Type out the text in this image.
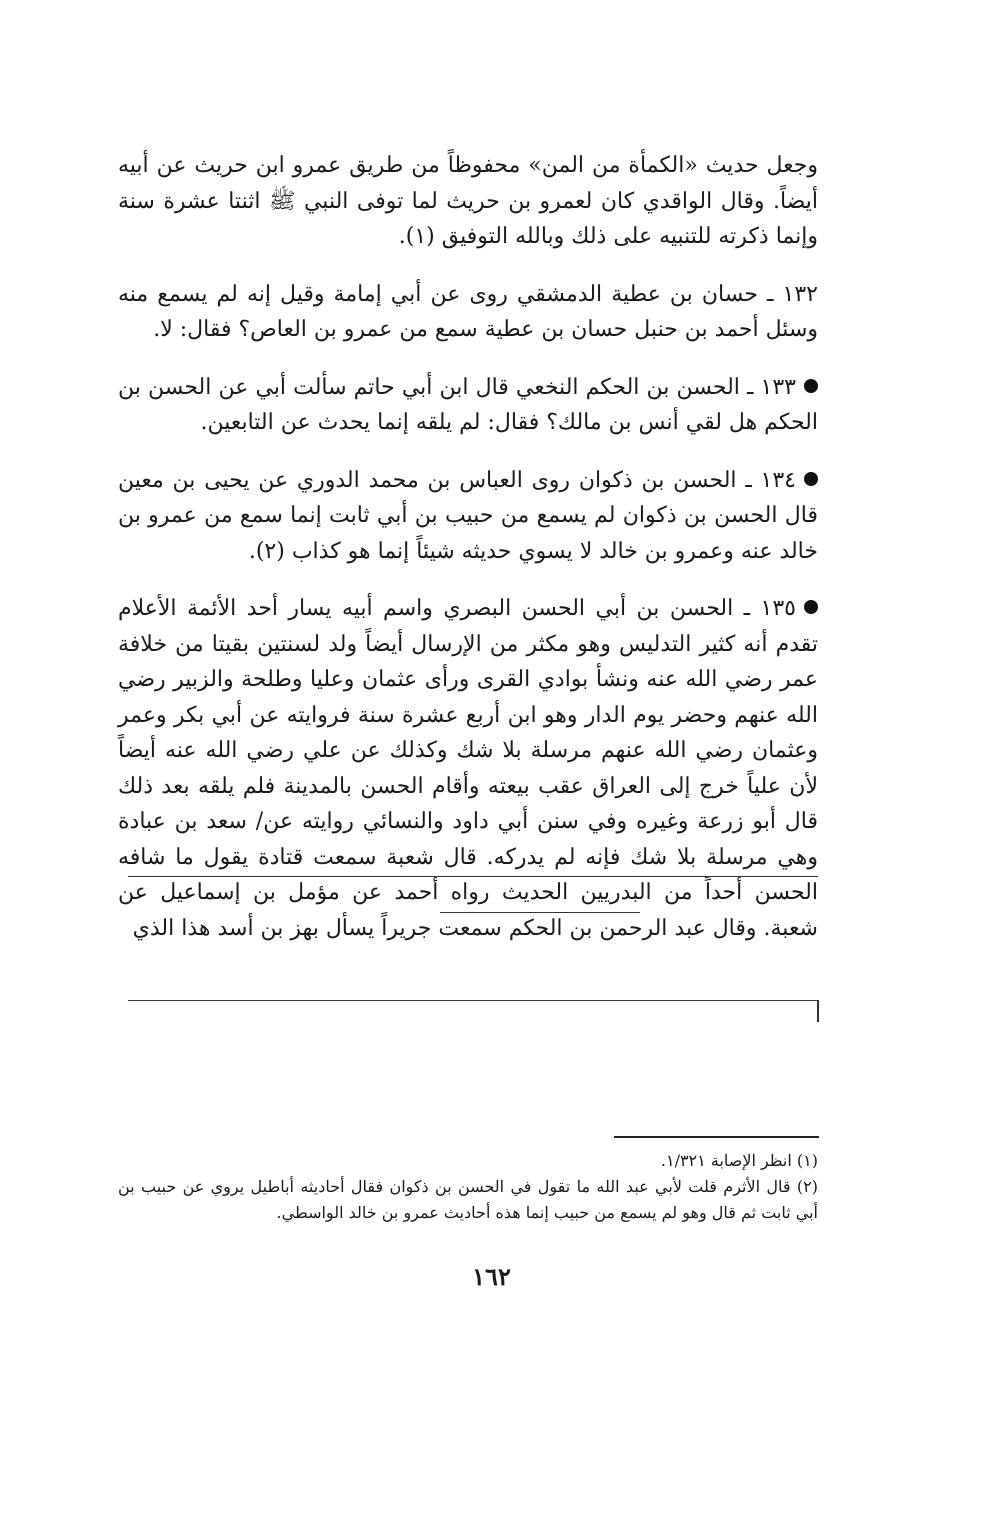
وجعل حديث «الكمأة من المن» محفوظاً من طريق عمرو ابن حريث عن أبيه أيضاً. وقال الواقدي كان لعمرو بن حريث لما توفى النبي ﷺ اثنتا عشرة سنة وإنما ذكرته للتنبيه على ذلك وبالله التوفيق (١).

١٣٢ ـ حسان بن عطية الدمشقي روى عن أبي إمامة وقيل إنه لم يسمع منه وسئل أحمد بن حنبل حسان بن عطية سمع من عمرو بن العاص؟ فقال: لا.

١٣٣ ـ الحسن بن الحكم النخعي قال ابن أبي حاتم سألت أبي عن الحسن بن الحكم هل لقي أنس بن مالك؟ فقال: لم يلقه إنما يحدث عن التابعين.

١٣٤ ـ الحسن بن ذكوان روى العباس بن محمد الدوري عن يحيى بن معين قال الحسن بن ذكوان لم يسمع من حبيب بن أبي ثابت إنما سمع من عمرو بن خالد عنه وعمرو بن خالد لا يسوي حديثه شيئاً إنما هو كذاب (٢).

١٣٥ ـ الحسن بن أبي الحسن البصري واسم أبيه يسار أحد الأئمة الأعلام تقدم أنه كثير التدليس وهو مكثر من الإرسال أيضاً ولد لسنتين بقيتا من خلافة عمر رضي الله عنه ونشأ بوادي القرى ورأى عثمان وعليا وطلحة والزبير رضي الله عنهم وحضر يوم الدار وهو ابن أربع عشرة سنة فروايته عن أبي بكر وعمر وعثمان رضي الله عنهم مرسلة بلا شك وكذلك عن علي رضي الله عنه أيضاً لأن علياً خرج إلى العراق عقب بيعته وأقام الحسن بالمدينة فلم يلقه بعد ذلك قال أبو زرعة وغيره وفي سنن أبي داود والنسائي روايته عن/ سعد بن عبادة وهي مرسلة بلا شك فإنه لم يدركه. قال شعبة سمعت قتادة يقول ما شافه الحسن أحداً من البدريين الحديث رواه أحمد عن مؤمل بن إسماعيل عن شعبة. وقال عبد الرحمن بن الحكم سمعت جريراً يسأل بهز بن أسد هذا الذي

(١) انظر الإصابة ١/٣٢١.

(٢) قال الأثرم قلت لأبي عبد الله ما تقول في الحسن بن ذكوان فقال أحاديثه أباطيل يروي عن حبيب بن أبي ثابت ثم قال وهو لم يسمع من حبيب إنما هذه أحاديث عمرو بن خالد الواسطي.

١٦٢
